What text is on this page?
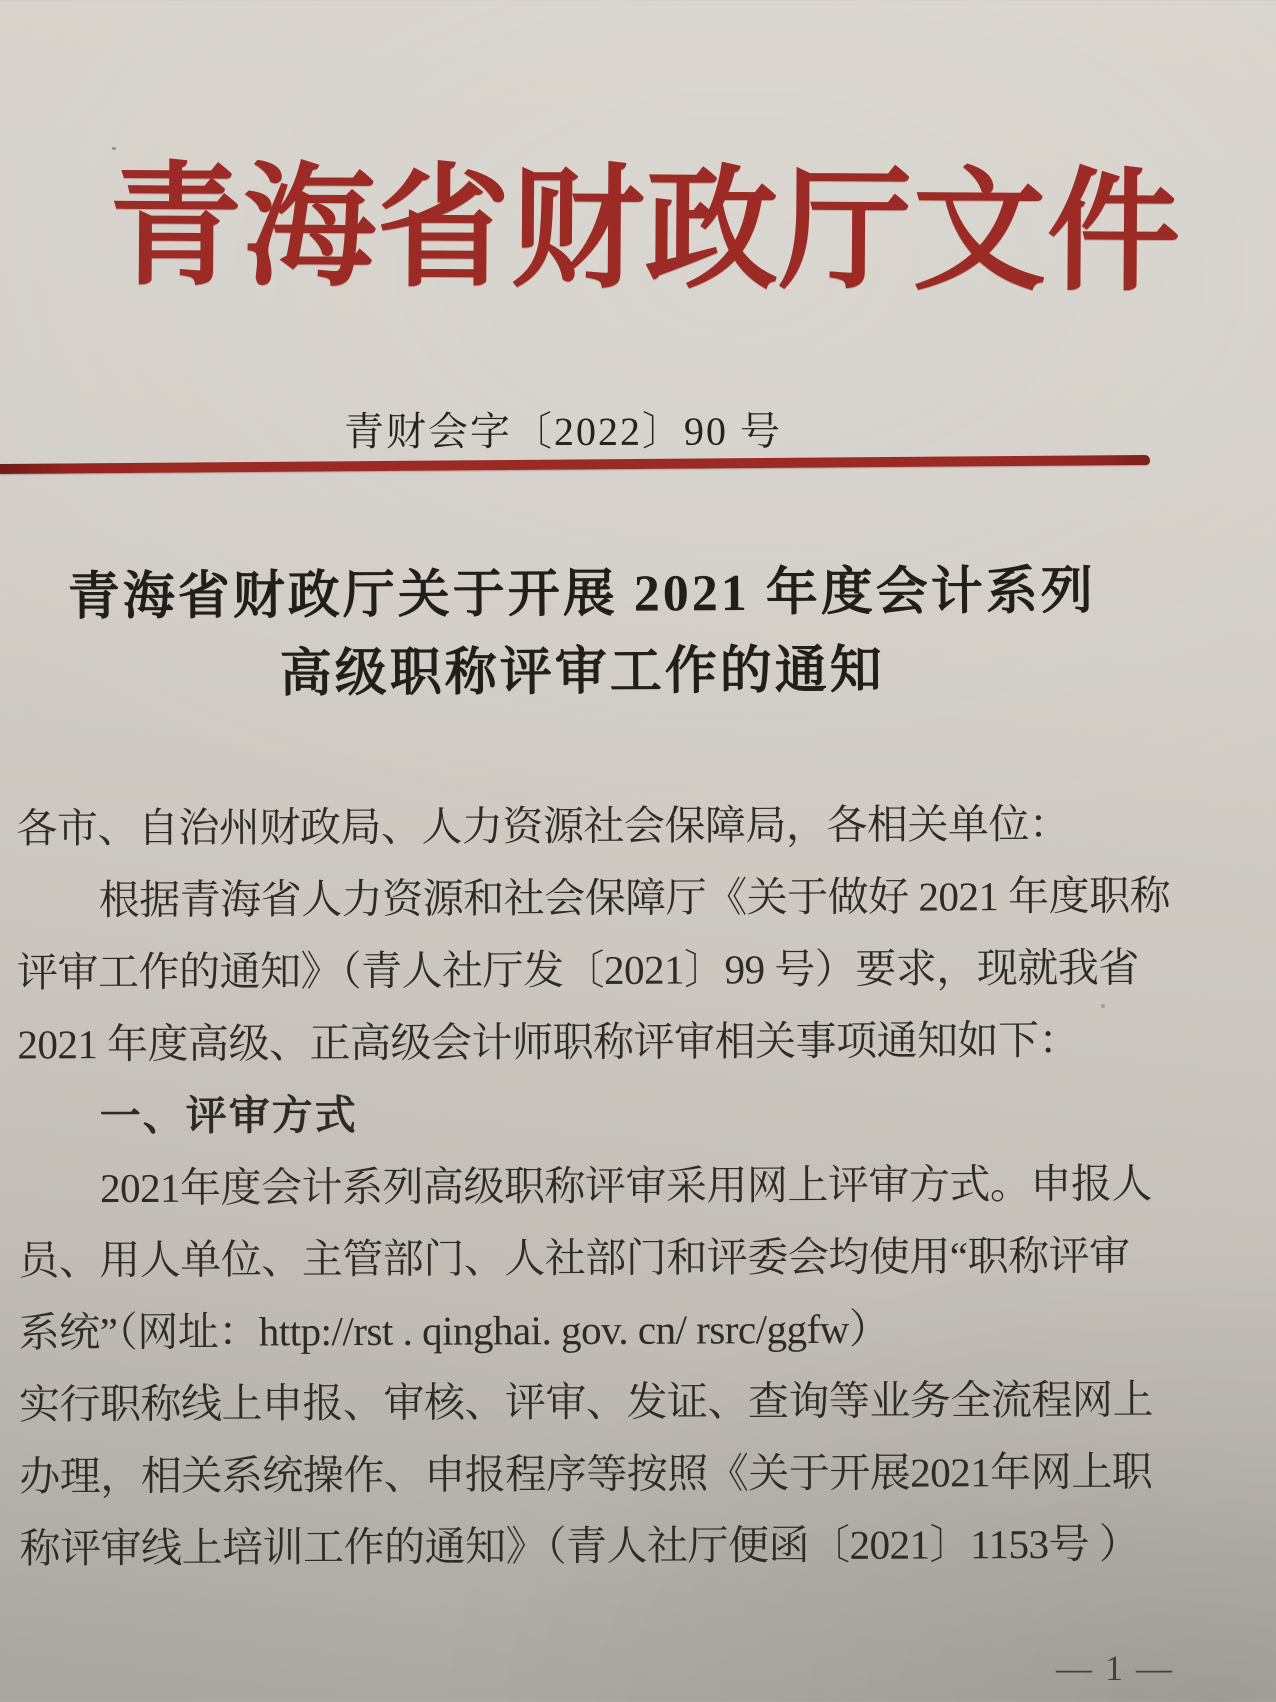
青海省财政厅文件
青财会字〔2022〕90 号
青海省财政厅关于开展 2021 年度会计系列
高级职称评审工作的通知
各市、自治州财政局、人力资源社会保障局，各相关单位：
根据青海省人力资源和社会保障厅《关于做好 2021 年度职称
评审工作的通知》（青人社厅发〔2021〕99 号）要求，现就我省
2021 年度高级、正高级会计师职称评审相关事项通知如下：
一、评审方式
2021年度会计系列高级职称评审采用网上评审方式。申报人
员、用人单位、主管部门、人社部门和评委会均使用“职称评审
系统”（网址：http://rst . qinghai. gov. cn/ rsrc/ggfw）
实行职称线上申报、审核、评审、发证、查询等业务全流程网上
办理，相关系统操作、申报程序等按照《关于开展2021年网上职
称评审线上培训工作的通知》（青人社厅便函〔2021〕1153号 ）
— 1 —
